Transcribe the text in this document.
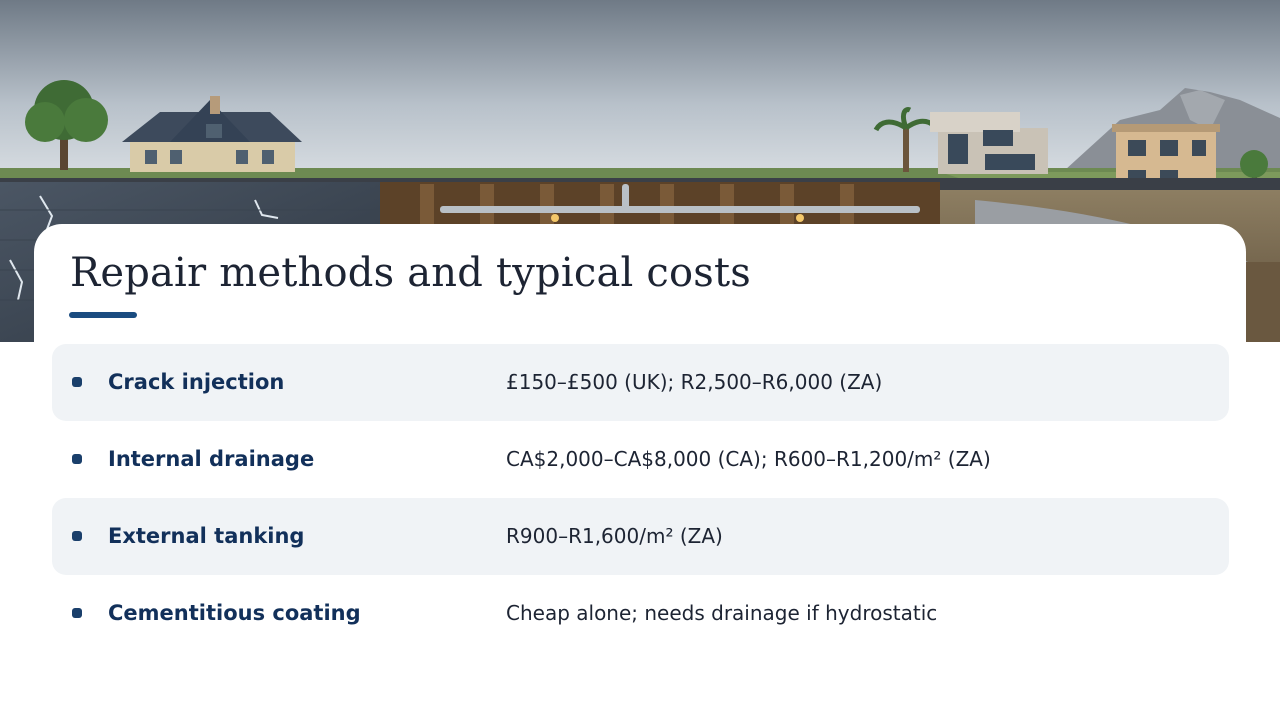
Repair methods and typical costs
Crack injection	£150–£500 (UK); R2,500–R6,000 (ZA)
Internal drainage	CA$2,000–CA$8,000 (CA); R600–R1,200/m² (ZA)
External tanking	R900–R1,600/m² (ZA)
Cementitious coating	Cheap alone; needs drainage if hydrostatic
